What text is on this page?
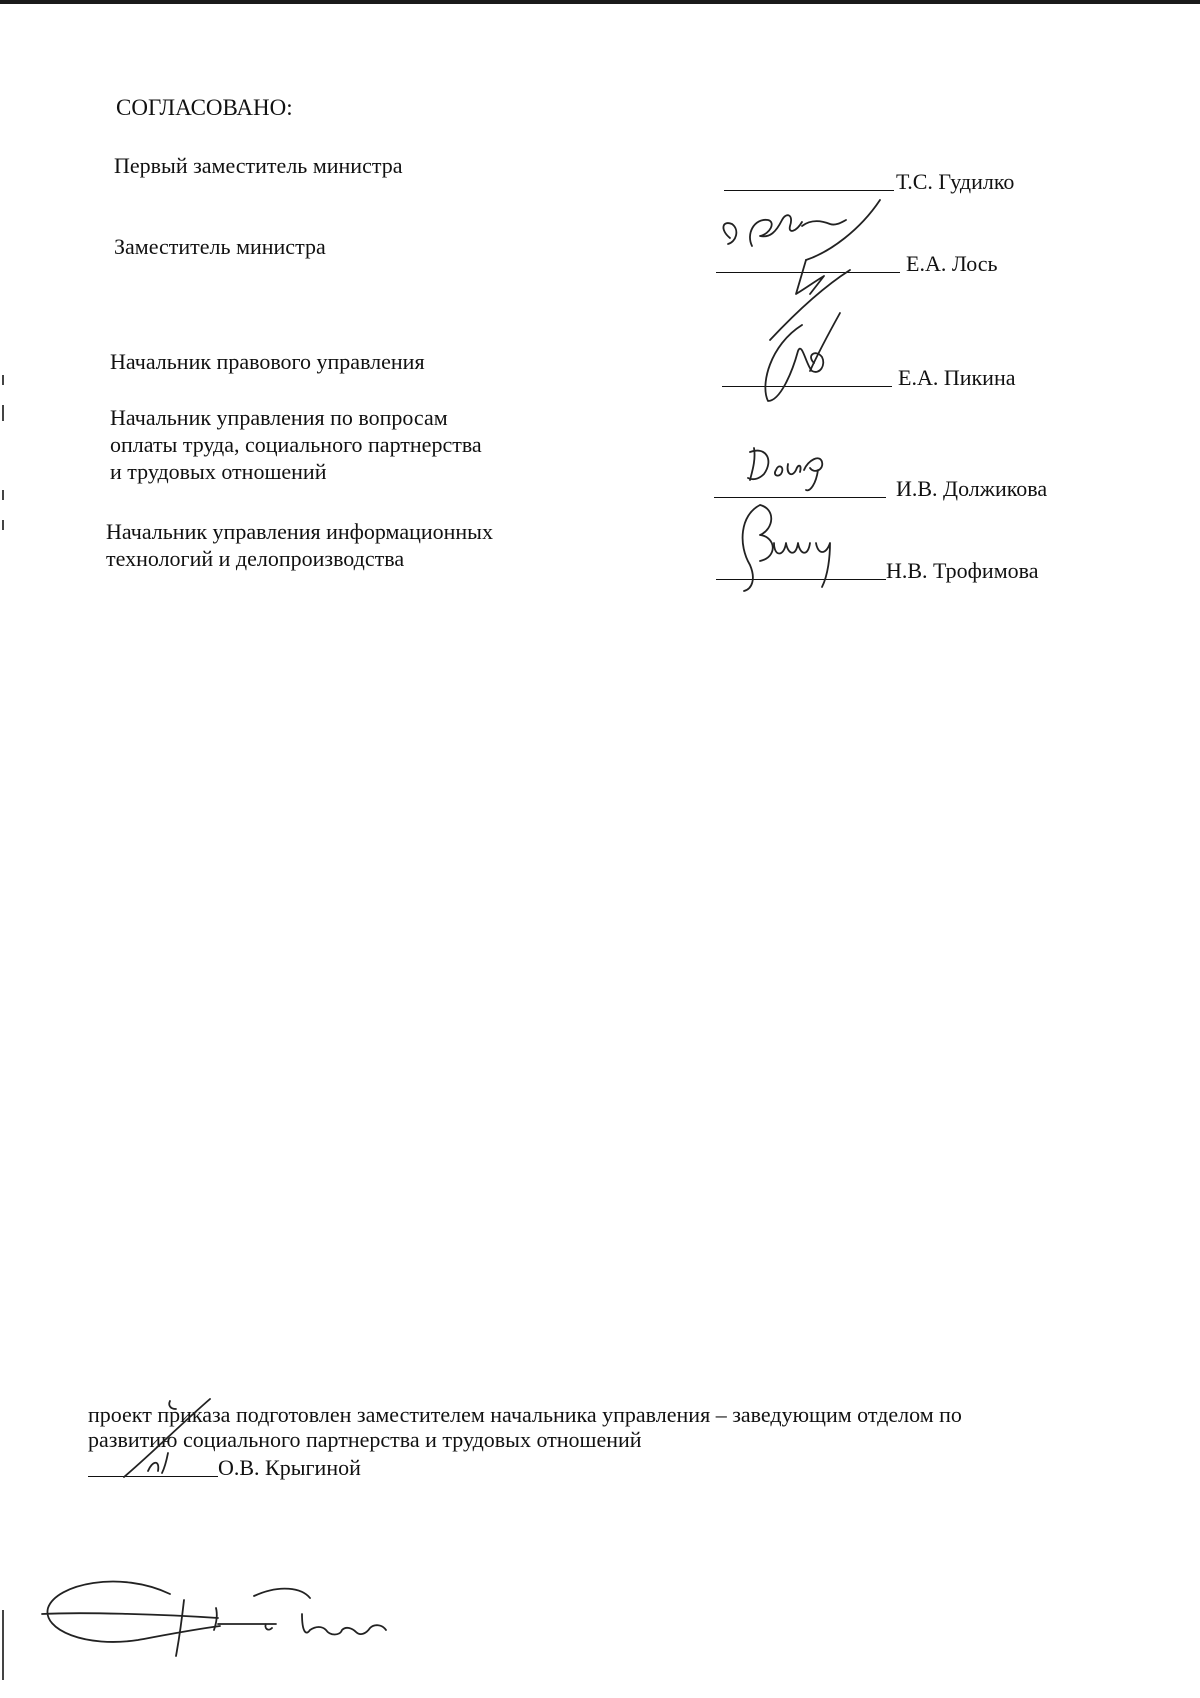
СОГЛАСОВАНО:
Первый заместитель министра
Т.С. Гудилко
Заместитель министра
Е.А. Лось
Начальник правового управления
Е.А. Пикина
Начальник управления по вопросам
оплаты труда, социального партнерства
и трудовых отношений
И.В. Должикова
Начальник управления информационных
технологий и делопроизводства	Н.В. Трофимова
проект приказа подготовлен заместителем начальника управления – заведующим отделом по
развитию социального партнерства и трудовых отношений
О.В. Крыгиной
